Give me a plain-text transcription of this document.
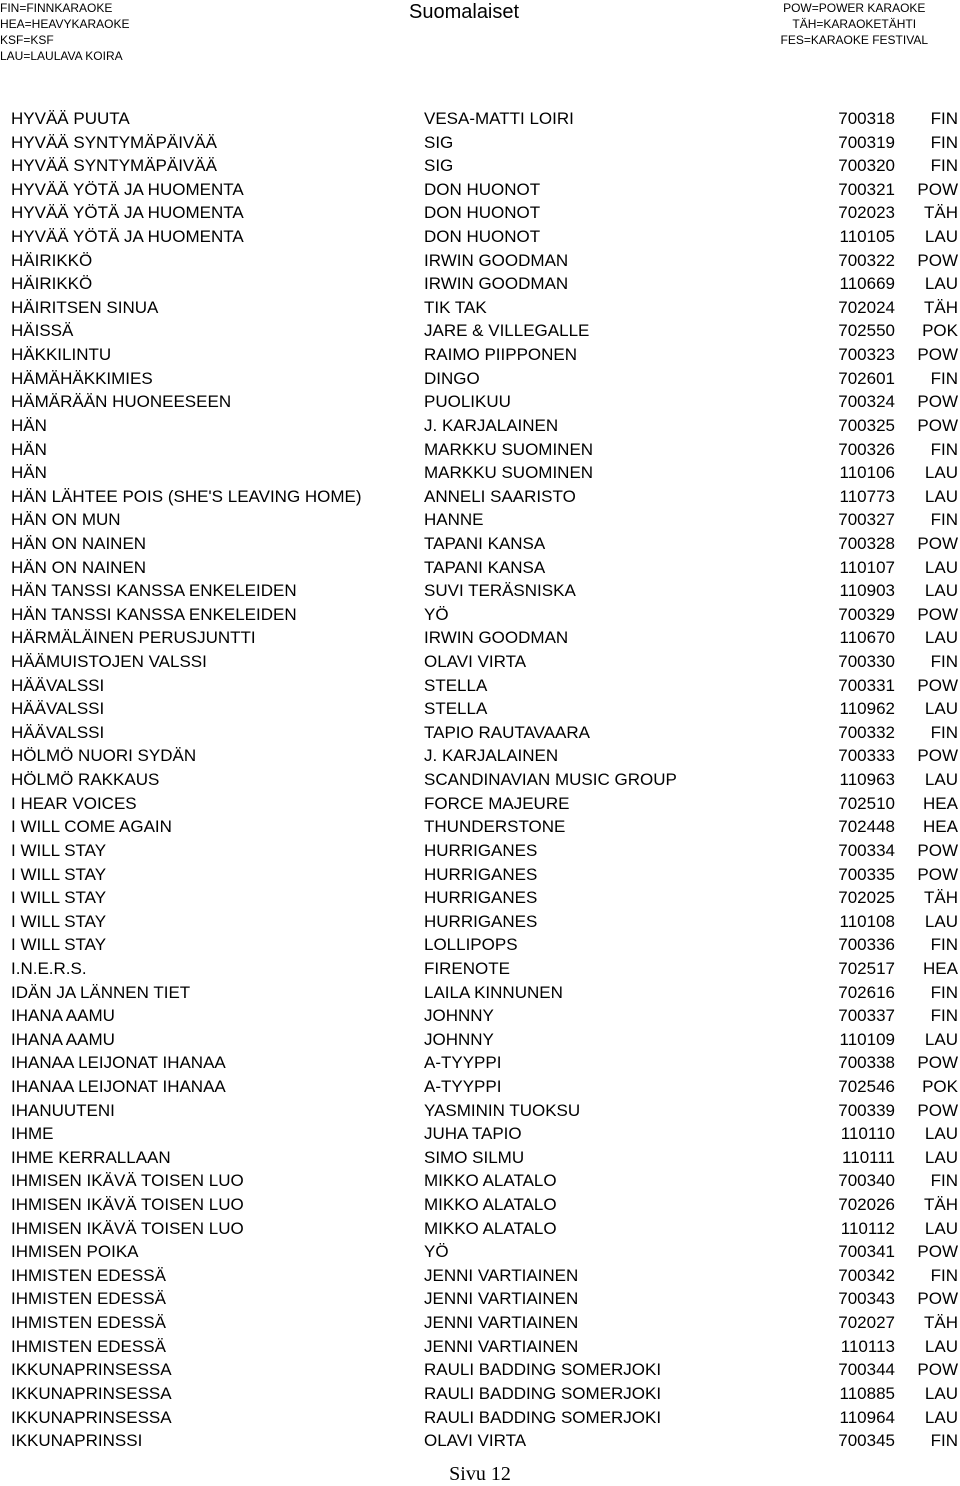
FIN=FINNKARAOKE
HEA=HEAVYKARAOKE
KSF=KSF
LAU=LAULAVA KOIRA
Suomalaiset	POW=POWER KARAOKE
TÄH=KARAOKETÄHTI
FES=KARAOKE FESTIVAL
HYVÄÄ PUUTA	VESA-MATTI LOIRI	700318 FIN
HYVÄÄ SYNTYMÄPÄIVÄÄ	SIG	700319 FIN
HYVÄÄ SYNTYMÄPÄIVÄÄ	SIG	700320 FIN
HYVÄÄ YÖTÄ JA HUOMENTA	DON HUONOT	700321 POW
HYVÄÄ YÖTÄ JA HUOMENTA	DON HUONOT	702023 TÄH
HYVÄÄ YÖTÄ JA HUOMENTA	DON HUONOT	110105 LAU
HÄIRIKKÖ	IRWIN GOODMAN	700322 POW
HÄIRIKKÖ	IRWIN GOODMAN	110669 LAU
HÄIRITSEN SINUA	TIK TAK	702024 TÄH
HÄISSÄ	JARE & VILLEGALLE	702550 POK
HÄKKILINTU	RAIMO PIIPPONEN	700323 POW
HÄMÄHÄKKIMIES	DINGO	702601 FIN
HÄMÄRÄÄN HUONEESEEN	PUOLIKUU	700324 POW
HÄN	J. KARJALAINEN	700325 POW
HÄN	MARKKU SUOMINEN	700326 FIN
HÄN	MARKKU SUOMINEN	110106 LAU
HÄN LÄHTEE POIS (SHE'S LEAVING HOME)	ANNELI SAARISTO	110773 LAU
HÄN ON MUN	HANNE	700327 FIN
HÄN ON NAINEN	TAPANI KANSA	700328 POW
HÄN ON NAINEN	TAPANI KANSA	110107 LAU
HÄN TANSSI KANSSA ENKELEIDEN	SUVI TERÄSNISKA	110903 LAU
HÄN TANSSI KANSSA ENKELEIDEN	YÖ	700329 POW
HÄRMÄLÄINEN PERUSJUNTTI	IRWIN GOODMAN	110670 LAU
HÄÄMUISTOJEN VALSSI	OLAVI VIRTA	700330 FIN
HÄÄVALSSI	STELLA	700331 POW
HÄÄVALSSI	STELLA	110962 LAU
HÄÄVALSSI	TAPIO RAUTAVAARA	700332 FIN
HÖLMÖ NUORI SYDÄN	J. KARJALAINEN	700333 POW
HÖLMÖ RAKKAUS	SCANDINAVIAN MUSIC GROUP	110963 LAU
I HEAR VOICES	FORCE MAJEURE	702510 HEA
I WILL COME AGAIN	THUNDERSTONE	702448 HEA
I WILL STAY	HURRIGANES	700334 POW
I WILL STAY	HURRIGANES	700335 POW
I WILL STAY	HURRIGANES	702025 TÄH
I WILL STAY	HURRIGANES	110108 LAU
I WILL STAY	LOLLIPOPS	700336 FIN
I.N.E.R.S.	FIRENOTE	702517 HEA
IDÄN JA LÄNNEN TIET	LAILA KINNUNEN	702616 FIN
IHANA AAMU	JOHNNY	700337 FIN
IHANA AAMU	JOHNNY	110109 LAU
IHANAA LEIJONAT IHANAA	A-TYYPPI	700338 POW
IHANAA LEIJONAT IHANAA	A-TYYPPI	702546 POK
IHANUUTENI	YASMININ TUOKSU	700339 POW
IHME	JUHA TAPIO	110110 LAU
IHME KERRALLAAN	SIMO SILMU	110111 LAU
IHMISEN IKÄVÄ TOISEN LUO	MIKKO ALATALO	700340 FIN
IHMISEN IKÄVÄ TOISEN LUO	MIKKO ALATALO	702026 TÄH
IHMISEN IKÄVÄ TOISEN LUO	MIKKO ALATALO	110112 LAU
IHMISEN POIKA	YÖ	700341 POW
IHMISTEN EDESSÄ	JENNI VARTIAINEN	700342 FIN
IHMISTEN EDESSÄ	JENNI VARTIAINEN	700343 POW
IHMISTEN EDESSÄ	JENNI VARTIAINEN	702027 TÄH
IHMISTEN EDESSÄ	JENNI VARTIAINEN	110113 LAU
IKKUNAPRINSESSA	RAULI BADDING SOMERJOKI	700344 POW
IKKUNAPRINSESSA	RAULI BADDING SOMERJOKI	110885 LAU
IKKUNAPRINSESSA	RAULI BADDING SOMERJOKI	110964 LAU
IKKUNAPRINSSI	OLAVI VIRTA	700345 FIN
Sivu 12
